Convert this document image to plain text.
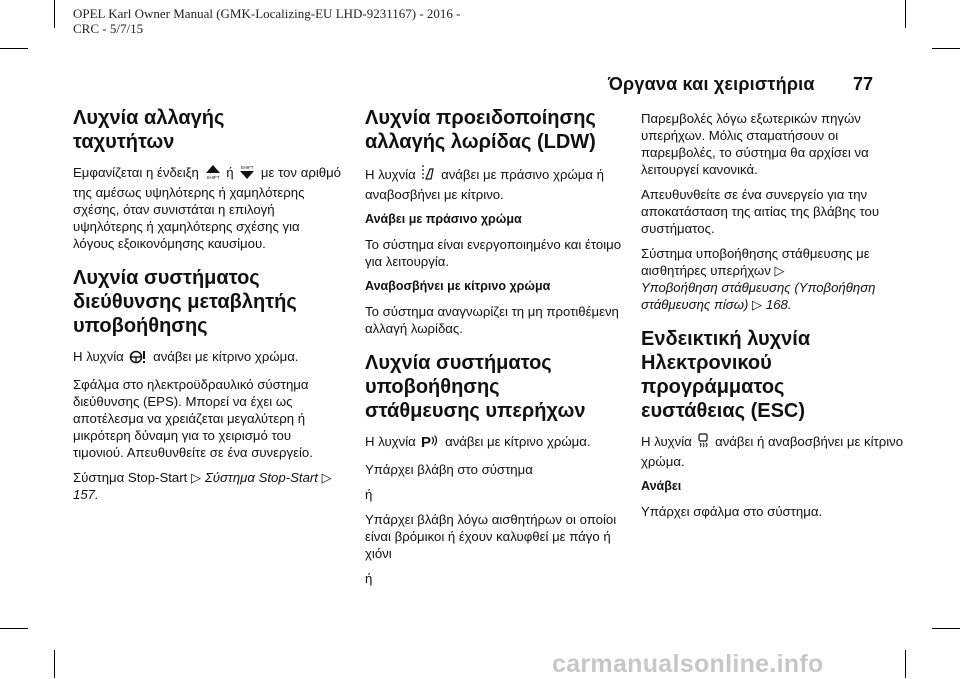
OPEL Karl Owner Manual (GMK-Localizing-EU LHD-9231167) - 2016 -
CRC - 5/7/15
Όργανα και χειριστήρια 77
Λυχνία αλλαγής
ταχυτήτων

Εμφανίζεται η ένδειξη SHIFT ή SHIFT με τον αριθμό της αμέσως υψηλότερης ή χαμηλότερης σχέσης, όταν συνιστάται η επιλογή υψηλότερης ή χαμηλότερης σχέσης για λόγους εξοικονόμησης καυσίμου.

Λυχνία συστήματος
διεύθυνσης μεταβλητής
υποβοήθησης

Η λυχνία ανάβει με κίτρινο χρώμα.

Σφάλμα στο ηλεκτροϋδραυλικό σύστημα διεύθυνσης (EPS). Μπορεί να έχει ως αποτέλεσμα να χρειάζεται μεγαλύτερη ή μικρότερη δύναμη για το χειρισμό του τιμονιού. Απευθυνθείτε σε ένα συνεργείο.

Σύστημα Stop-Start ▷ Σύστημα Stop-Start ▷ 157.

Λυχνία προειδοποίησης
αλλαγής λωρίδας (LDW)

Η λυχνία ανάβει με πράσινο χρώμα ή αναβοσβήνει με κίτρινο.

Ανάβει με πράσινο χρώμα

Το σύστημα είναι ενεργοποιημένο και έτοιμο για λειτουργία.

Αναβοσβήνει με κίτρινο χρώμα

Το σύστημα αναγνωρίζει τη μη προτιθέμενη αλλαγή λωρίδας.

Λυχνία συστήματος
υποβοήθησης
στάθμευσης υπερήχων

Η λυχνία P ανάβει με κίτρινο χρώμα.

Υπάρχει βλάβη στο σύστημα

ή

Υπάρχει βλάβη λόγω αισθητήρων οι οποίοι είναι βρόμικοι ή έχουν καλυφθεί με πάγο ή χιόνι

ή

Παρεμβολές λόγω εξωτερικών πηγών υπερήχων. Μόλις σταματήσουν οι παρεμβολές, το σύστημα θα αρχίσει να λειτουργεί κανονικά.

Απευθυνθείτε σε ένα συνεργείο για την αποκατάσταση της αιτίας της βλάβης του συστήματος.

Σύστημα υποβοήθησης στάθμευσης με αισθητήρες υπερήχων ▷
Υποβοήθηση στάθμευσης (Υποβοήθηση στάθμευσης πίσω) ▷ 168.

Ενδεικτική λυχνία
Ηλεκτρονικού
προγράμματος
ευστάθειας (ESC)

Η λυχνία ανάβει ή αναβοσβήνει με κίτρινο χρώμα.

Ανάβει

Υπάρχει σφάλμα στο σύστημα.

carmanualsonline.info
